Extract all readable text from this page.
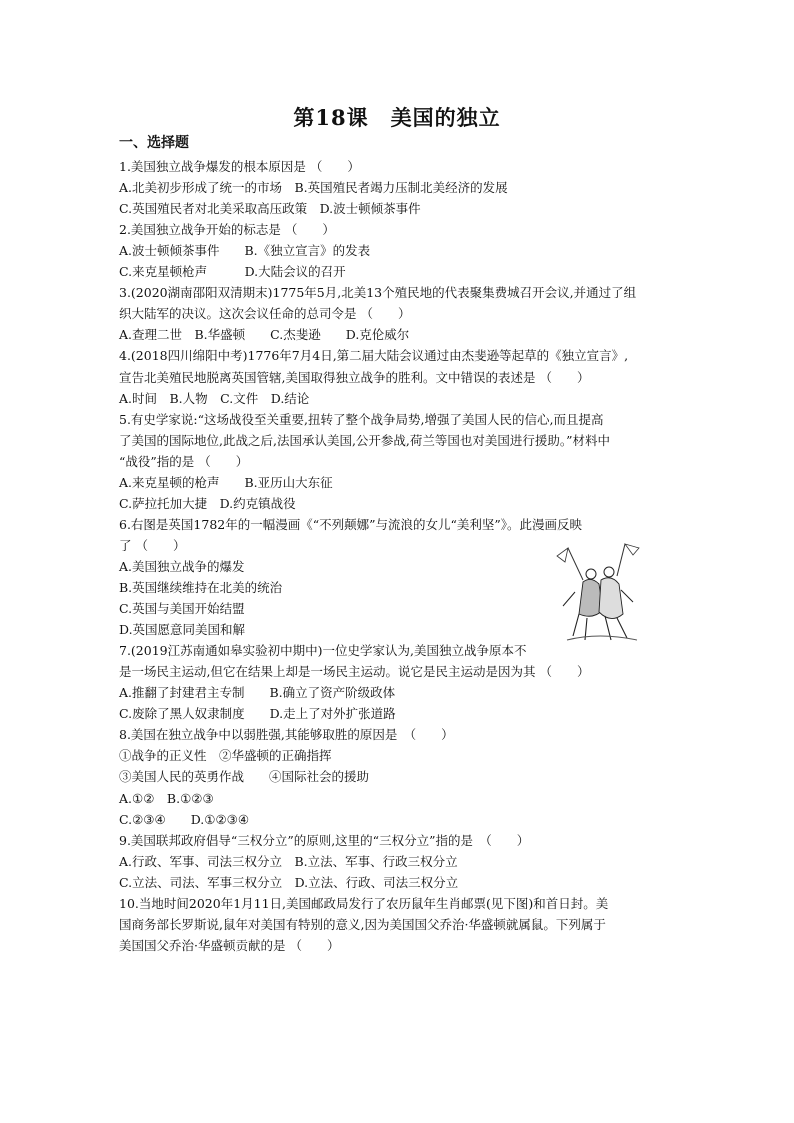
第18课　美国的独立
一、选择题
1.美国独立战争爆发的根本原因是 （　　）
A.北美初步形成了统一的市场　B.英国殖民者竭力压制北美经济的发展
C.英国殖民者对北美采取高压政策　D.波士顿倾茶事件
2.美国独立战争开始的标志是 （　　）
A.波士顿倾茶事件　　B.《独立宣言》的发表
C.来克星顿枪声　　　D.大陆会议的召开
3.(2020湖南邵阳双清期末)1775年5月,北美13个殖民地的代表聚集费城召开会议,并通过了组
织大陆军的决议。这次会议任命的总司令是 （　　）
A.查理二世　B.华盛顿　　C.杰斐逊　　D.克伦威尔
4.(2018四川绵阳中考)1776年7月4日,第二届大陆会议通过由杰斐逊等起草的《独立宣言》,
宣告北美殖民地脱离英国管辖,美国取得独立战争的胜利。文中错误的表述是 （　　）
A.时间　B.人物　C.文件　D.结论
5.有史学家说:“这场战役至关重要,扭转了整个战争局势,增强了美国人民的信心,而且提高
了美国的国际地位,此战之后,法国承认美国,公开参战,荷兰等国也对美国进行援助。”材料中
“战役”指的是 （　　）
A.来克星顿的枪声　　B.亚历山大东征
C.萨拉托加大捷　D.约克镇战役
6.右图是英国1782年的一幅漫画《“不列颠娜”与流浪的女儿“美利坚”》。此漫画反映
了 （　　）
A.美国独立战争的爆发
B.英国继续维持在北美的统治
C.英国与美国开始结盟
D.英国愿意同美国和解
7.(2019江苏南通如皋实验初中期中)一位史学家认为,美国独立战争原本不
是一场民主运动,但它在结果上却是一场民主运动。说它是民主运动是因为其 （　　）
A.推翻了封建君主专制　　B.确立了资产阶级政体
C.废除了黑人奴隶制度　　D.走上了对外扩张道路
8.美国在独立战争中以弱胜强,其能够取胜的原因是　（　　）
①战争的正义性　②华盛顿的正确指挥
③美国人民的英勇作战　　④国际社会的援助
A.①②　B.①②③
C.②③④　　D.①②③④
9.美国联邦政府倡导“三权分立”的原则,这里的“三权分立”指的是　（　　）
A.行政、军事、司法三权分立　B.立法、军事、行政三权分立
C.立法、司法、军事三权分立　D.立法、行政、司法三权分立
10.当地时间2020年1月11日,美国邮政局发行了农历鼠年生肖邮票(见下图)和首日封。美
国商务部长罗斯说,鼠年对美国有特别的意义,因为美国国父乔治·华盛顿就属鼠。下列属于
美国国父乔治·华盛顿贡献的是 （　　）
